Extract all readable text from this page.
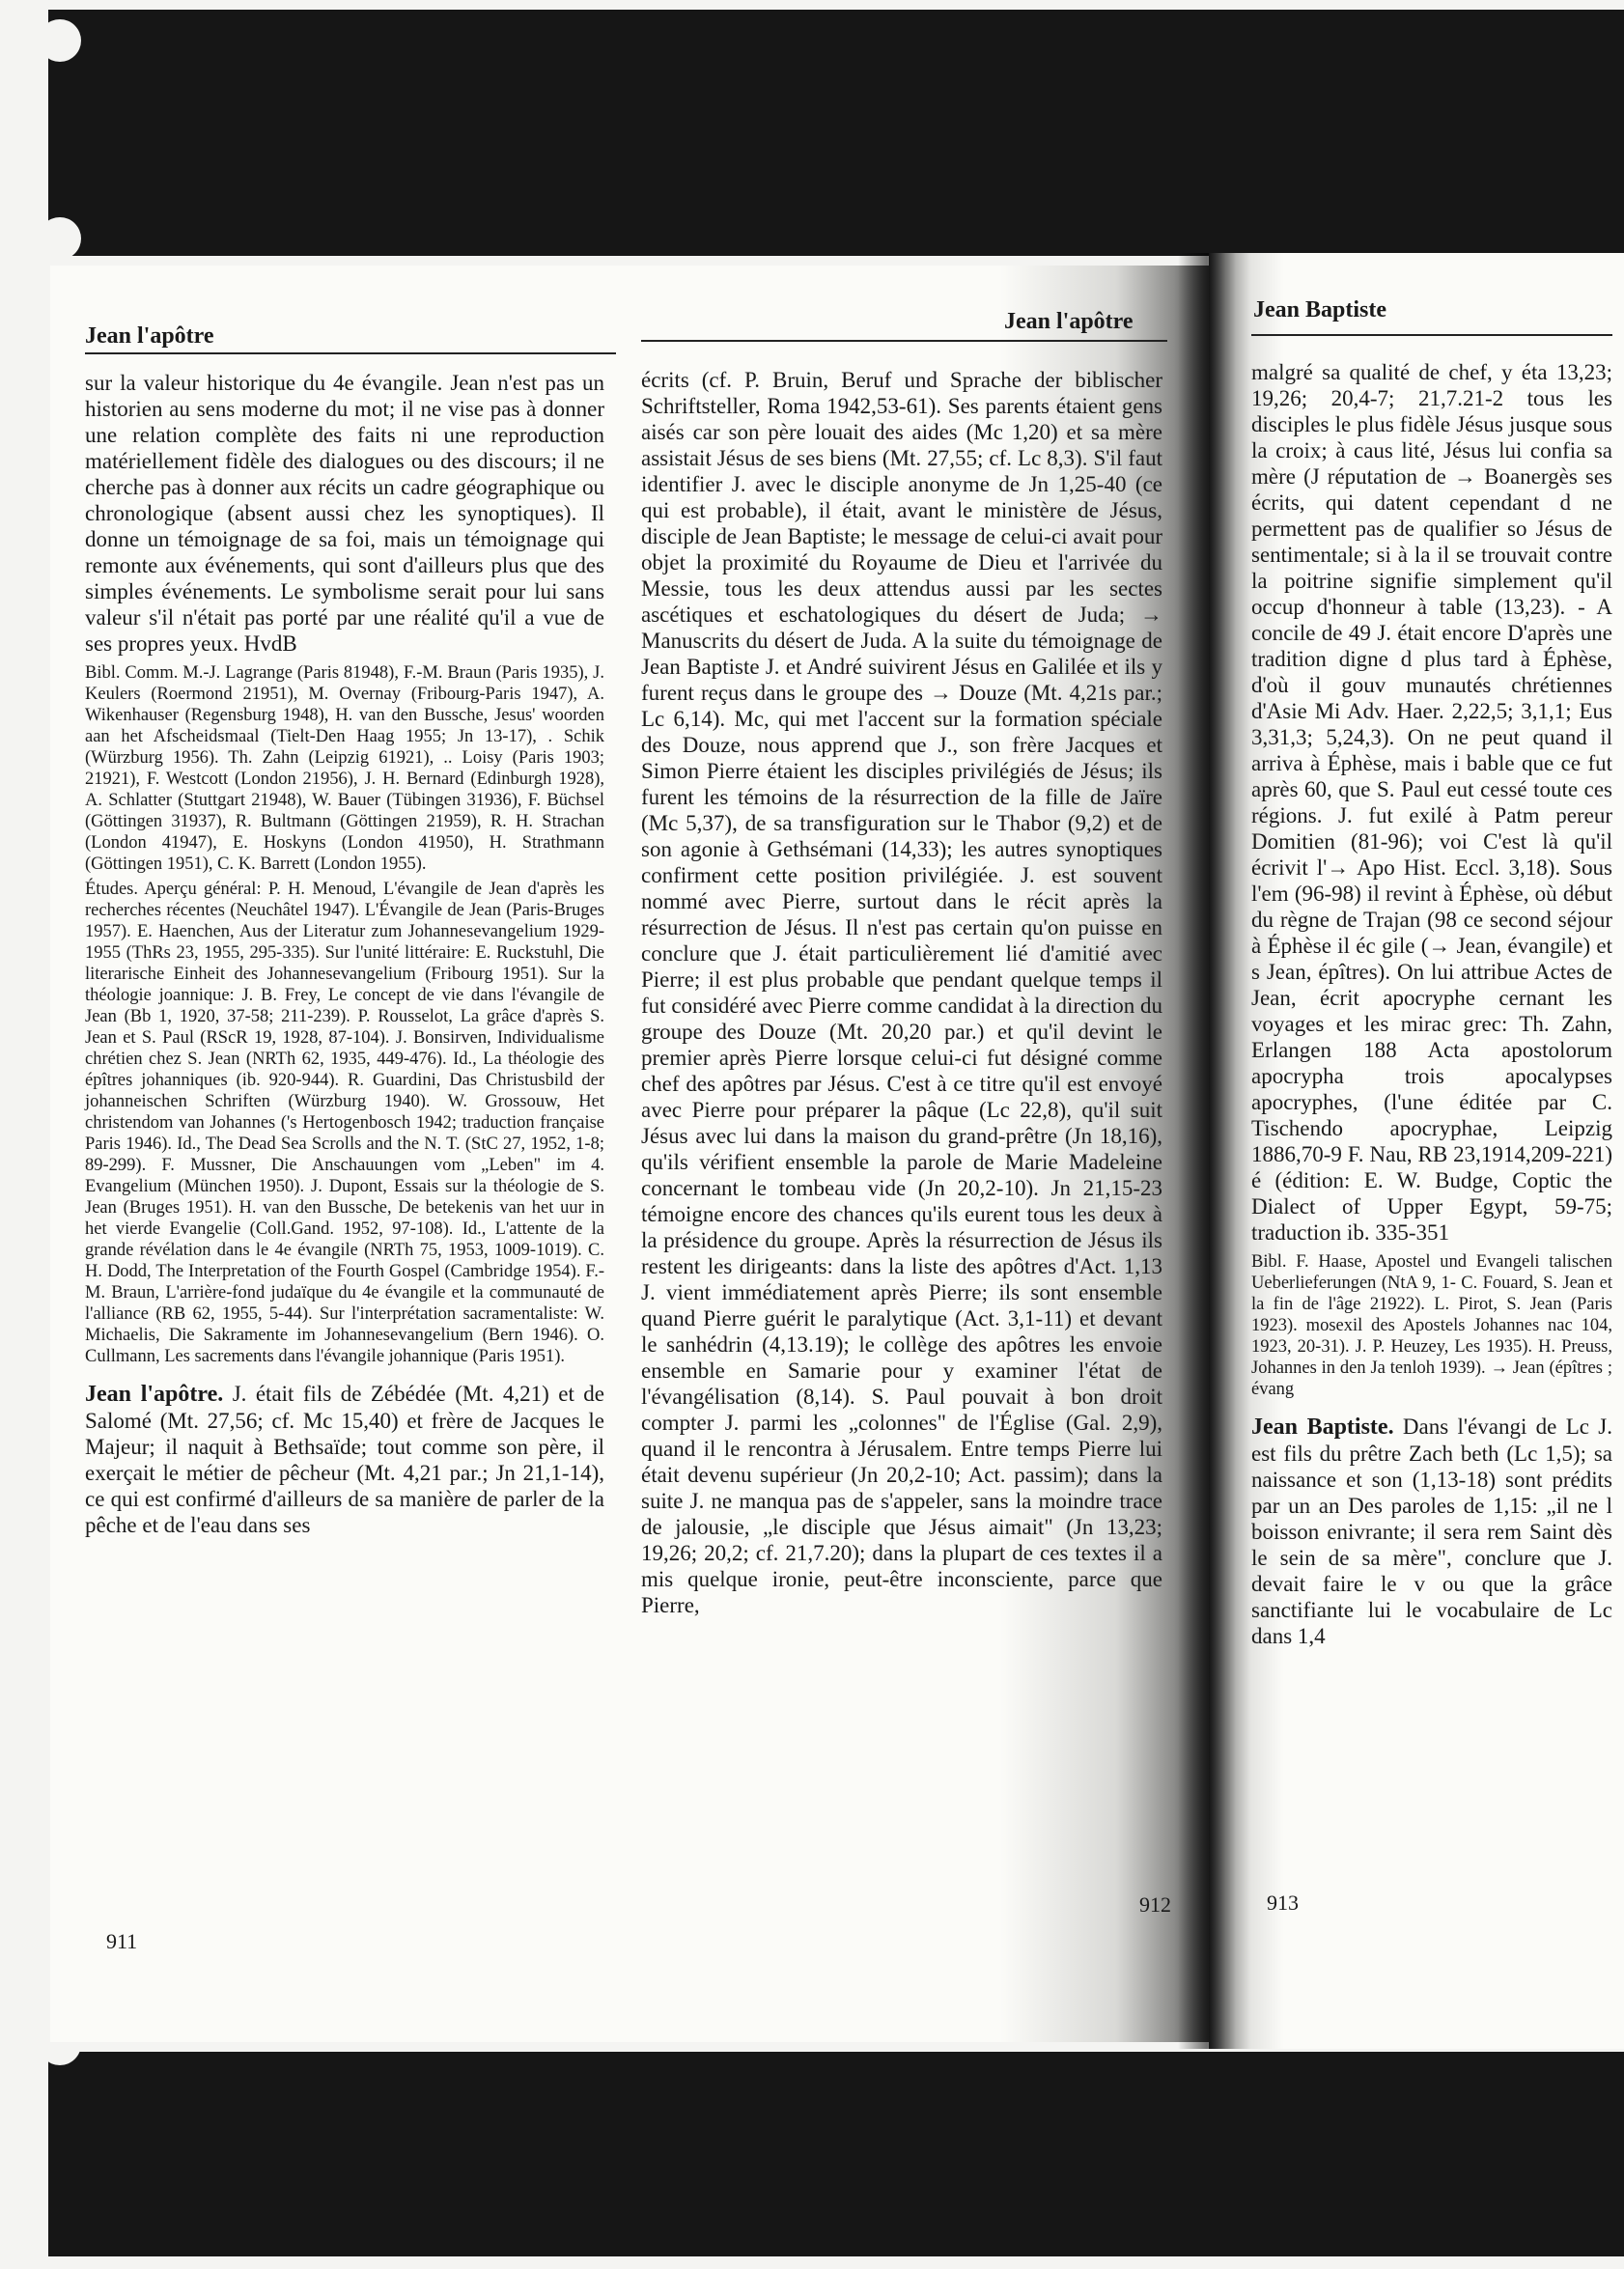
Jean l'apôtre
Jean l'apôtre	Jean Baptiste

sur la valeur historique du 4e évangile. Jean n'est pas un historien au sens moderne du mot; il ne vise pas à donner une relation complète des faits ni une reproduction matériellement fidèle des dialogues ou des discours; il ne cherche pas à donner aux récits un cadre géographique ou chronologique (absent aussi chez les synoptiques). Il donne un témoignage de sa foi, mais un témoignage qui remonte aux événements, qui sont d'ailleurs plus que des simples événements. Le symbolisme serait pour lui sans valeur s'il n'était pas porté par une réalité qu'il a vue de ses propres yeux. HvdB

Bibl. Comm. M.-J. Lagrange (Paris 81948), F.-M. Braun (Paris 1935), J. Keulers (Roermond 21951), M. Overnay (Fribourg-Paris 1947), A. Wikenhauser (Regensburg 1948), H. van den Bussche, Jesus' woorden aan het Afscheidsmaal (Tielt-Den Haag 1955; Jn 13-17), . Schik (Würzburg 1956). Th. Zahn (Leipzig 61921), .. Loisy (Paris 1903; 21921), F. Westcott (London 21956), J. H. Bernard (Edinburgh 1928), A. Schlatter (Stuttgart 21948), W. Bauer (Tübingen 31936), F. Büchsel (Göttingen 31937), R. Bultmann (Göttingen 21959), R. H. Strachan (London 41947), E. Hoskyns (London 41950), H. Strathmann (Göttingen 1951), C. K. Barrett (London 1955).

Études. Aperçu général: P. H. Menoud, L'évangile de Jean d'après les recherches récentes (Neuchâtel 1947). L'Évangile de Jean (Paris-Bruges 1957). E. Haenchen, Aus der Literatur zum Johannesevangelium 1929-1955 (ThRs 23, 1955, 295-335). Sur l'unité littéraire: E. Ruckstuhl, Die literarische Einheit des Johannesevangelium (Fribourg 1951). Sur la théologie joannique: J. B. Frey, Le concept de vie dans l'évangile de Jean (Bb 1, 1920, 37-58; 211-239). P. Rousselot, La grâce d'après S. Jean et S. Paul (RScR 19, 1928, 87-104). J. Bonsirven, Individualisme chrétien chez S. Jean (NRTh 62, 1935, 449-476). Id., La théologie des épîtres johanniques (ib. 920-944). R. Guardini, Das Christusbild der johanneischen Schriften (Würzburg 1940). W. Grossouw, Het christendom van Johannes ('s Hertogenbosch 1942; traduction française Paris 1946). Id., The Dead Sea Scrolls and the N. T. (StC 27, 1952, 1-8; 89-299). F. Mussner, Die Anschauungen vom „Leben" im 4. Evangelium (München 1950). J. Dupont, Essais sur la théologie de S. Jean (Bruges 1951). H. van den Bussche, De betekenis van het uur in het vierde Evangelie (Coll.Gand. 1952, 97-108). Id., L'attente de la grande révélation dans le 4e évangile (NRTh 75, 1953, 1009-1019). C. H. Dodd, The Interpretation of the Fourth Gospel (Cambridge 1954). F.-M. Braun, L'arrière-fond judaïque du 4e évangile et la communauté de l'alliance (RB 62, 1955, 5-44). Sur l'interprétation sacramentaliste: W. Michaelis, Die Sakramente im Johannesevangelium (Bern 1946). O. Cullmann, Les sacrements dans l'évangile johannique (Paris 1951).

Jean l'apôtre. J. était fils de Zébédée (Mt. 4,21) et de Salomé (Mt. 27,56; cf. Mc 15,40) et frère de Jacques le Majeur; il naquit à Bethsaïde; tout comme son père, il exerçait le métier de pêcheur (Mt. 4,21 par.; Jn 21,1-14), ce qui est confirmé d'ailleurs de sa manière de parler de la pêche et de l'eau dans ses

écrits (cf. P. Bruin, Beruf und Sprache der biblischer Schriftsteller, Roma 1942,53-61). Ses parents étaient gens aisés car son père louait des aides (Mc 1,20) et sa mère assistait Jésus de ses biens (Mt. 27,55; cf. Lc 8,3). S'il faut identifier J. avec le disciple anonyme de Jn 1,25-40 (ce qui est probable), il était, avant le ministère de Jésus, disciple de Jean Baptiste; le message de celui-ci avait pour objet la proximité du Royaume de Dieu et l'arrivée du Messie, tous les deux attendus aussi par les sectes ascétiques et eschatologiques du désert de Juda; → Manuscrits du désert de Juda. A la suite du témoignage de Jean Baptiste J. et André suivirent Jésus en Galilée et ils y furent reçus dans le groupe des → Douze (Mt. 4,21s par.; Lc 6,14). Mc, qui met l'accent sur la formation spéciale des Douze, nous apprend que J., son frère Jacques et Simon Pierre étaient les disciples privilégiés de Jésus; ils furent les témoins de la résurrection de la fille de Jaïre (Mc 5,37), de sa transfiguration sur le Thabor (9,2) et de son agonie à Gethsémani (14,33); les autres synoptiques confirment cette position privilégiée. J. est souvent nommé avec Pierre, surtout dans le récit après la résurrection de Jésus. Il n'est pas certain qu'on puisse en conclure que J. était particulièrement lié d'amitié avec Pierre; il est plus probable que pendant quelque temps il fut considéré avec Pierre comme candidat à la direction du groupe des Douze (Mt. 20,20 par.) et qu'il devint le premier après Pierre lorsque celui-ci fut désigné comme chef des apôtres par Jésus. C'est à ce titre qu'il est envoyé avec Pierre pour préparer la pâque (Lc 22,8), qu'il suit Jésus avec lui dans la maison du grand-prêtre (Jn 18,16), qu'ils vérifient ensemble la parole de Marie Madeleine concernant le tombeau vide (Jn 20,2-10). Jn 21,15-23 témoigne encore des chances qu'ils eurent tous les deux à la présidence du groupe. Après la résurrection de Jésus ils restent les dirigeants: dans la liste des apôtres d'Act. 1,13 J. vient immédiatement après Pierre; ils sont ensemble quand Pierre guérit le paralytique (Act. 3,1-11) et devant le sanhédrin (4,13.19); le collège des apôtres les envoie ensemble en Samarie pour y examiner l'état de l'évangélisation (8,14). S. Paul pouvait à bon droit compter J. parmi les „colonnes" de l'Église (Gal. 2,9), quand il le rencontra à Jérusalem. Entre temps Pierre lui était devenu supérieur (Jn 20,2-10; Act. passim); dans la suite J. ne manqua pas de s'appeler, sans la moindre trace de jalousie, „le disciple que Jésus aimait" (Jn 13,23; 19,26; 20,2; cf. 21,7.20); dans la plupart de ces textes il a mis quelque ironie, peut-être inconsciente, parce que Pierre,

malgré sa qualité de chef, y éta 13,23; 19,26; 20,4-7; 21,7.21-2 tous les disciples le plus fidèle Jésus jusque sous la croix; à caus lité, Jésus lui confia sa mère (J réputation de → Boanergès ses écrits, qui datent cependant d ne permettent pas de qualifier so Jésus de sentimentale; si à la il se trouvait contre la poitrine signifie simplement qu'il occup d'honneur à table (13,23). - A concile de 49 J. était encore D'après une tradition digne d plus tard à Éphèse, d'où il gouv munautés chrétiennes d'Asie Mi Adv. Haer. 2,22,5; 3,1,1; Eus 3,31,3; 5,24,3). On ne peut quand il arriva à Éphèse, mais i bable que ce fut après 60, que S. Paul eut cessé toute ces régions. J. fut exilé à Patm pereur Domitien (81-96); voi C'est là qu'il écrivit l'→ Apo Hist. Eccl. 3,18). Sous l'em (96-98) il revint à Éphèse, où début du règne de Trajan (98 ce second séjour à Éphèse il éc gile (→ Jean, évangile) et s Jean, épîtres). On lui attribue Actes de Jean, écrit apocryphe cernant les voyages et les mirac grec: Th. Zahn, Erlangen 188 Acta apostolorum apocrypha trois apocalypses apocryphes, (l'une éditée par C. Tischendo apocryphae, Leipzig 1886,70-9 F. Nau, RB 23,1914,209-221) é (édition: E. W. Budge, Coptic the Dialect of Upper Egypt, 59-75; traduction ib. 335-351

Bibl. F. Haase, Apostel und Evangeli talischen Ueberlieferungen (NtA 9, 1- C. Fouard, S. Jean et la fin de l'âge 21922). L. Pirot, S. Jean (Paris 1923). mosexil des Apostels Johannes nac 104, 1923, 20-31). J. P. Heuzey, Les 1935). H. Preuss, Johannes in den Ja tenloh 1939). → Jean (épîtres ; évang

Jean Baptiste. Dans l'évangi de Lc J. est fils du prêtre Zach beth (Lc 1,5); sa naissance et son (1,13-18) sont prédits par un an Des paroles de 1,15: „il ne l boisson enivrante; il sera rem Saint dès le sein de sa mère", conclure que J. devait faire le v ou que la grâce sanctifiante lui le vocabulaire de Lc dans 1,4

911
912	913
